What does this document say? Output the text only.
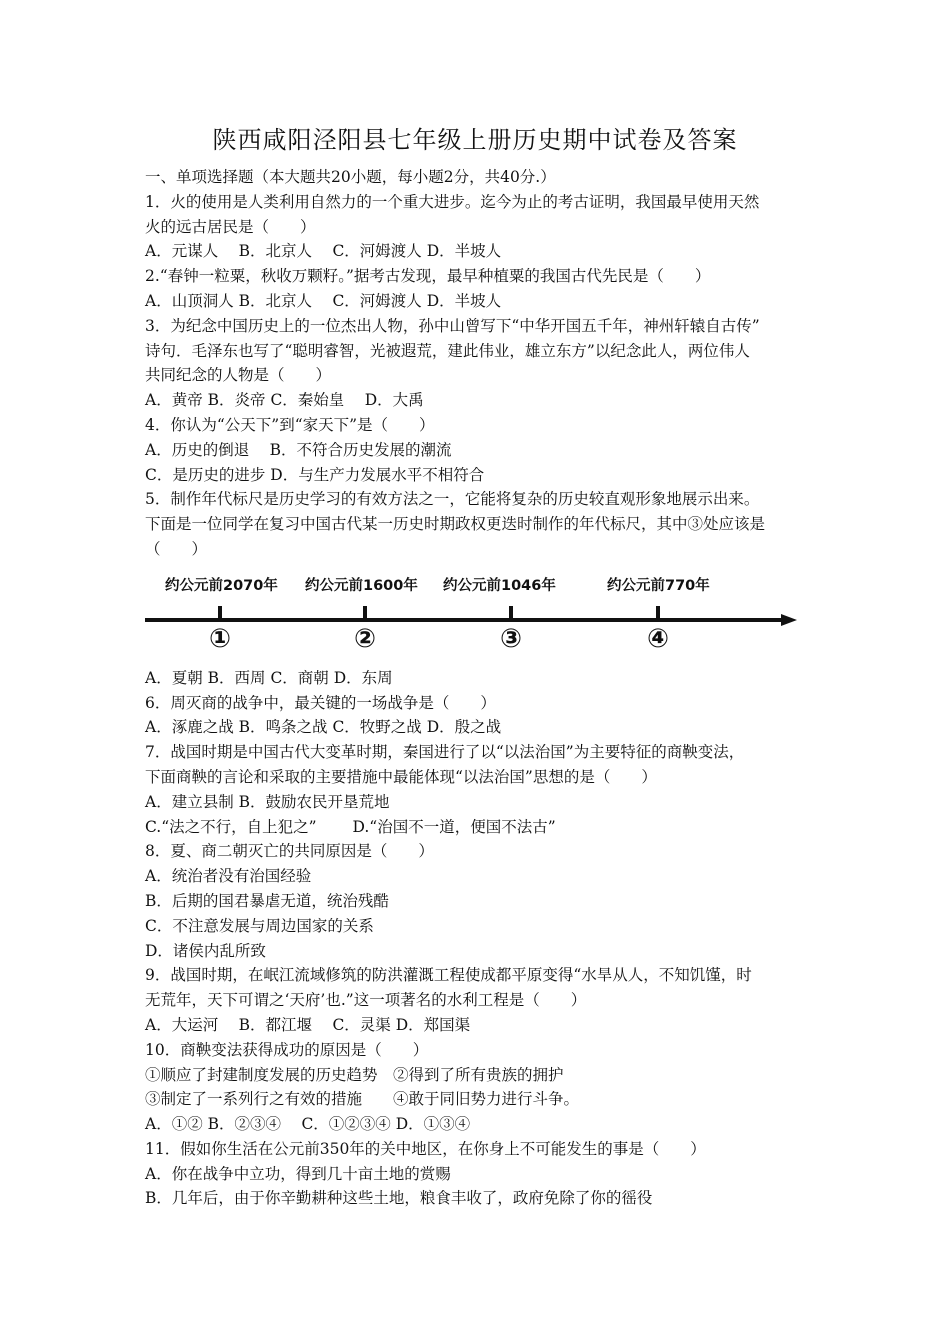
陕西咸阳泾阳县七年级上册历史期中试卷及答案
一、单项选择题（本大题共20小题，每小题2分，共40分.）
1．火的使用是人类利用自然力的一个重大进步。迄今为止的考古证明，我国最早使用天然
火的远古居民是（　　）
A．元谋人　 B．北京人　 C．河姆渡人 D．半坡人
2.“春钟一粒粟，秋收万颗籽。”据考古发现，最早种植粟的我国古代先民是（　　）
A．山顶洞人 B．北京人　 C．河姆渡人 D．半坡人
3．为纪念中国历史上的一位杰出人物，孙中山曾写下“中华开国五千年，神州轩辕自古传”
诗句．毛泽东也写了“聪明睿智，光被遐荒，建此伟业，雄立东方”以纪念此人，两位伟人
共同纪念的人物是（　　）
A．黄帝 B．炎帝 C．秦始皇　 D．大禹
4．你认为“公天下”到“家天下”是（　　）
A．历史的倒退　 B．不符合历史发展的潮流
C．是历史的进步 D．与生产力发展水平不相符合
5．制作年代标尺是历史学习的有效方法之一，它能将复杂的历史较直观形象地展示出来。
下面是一位同学在复习中国古代某一历史时期政权更迭时制作的年代标尺，其中③处应该是
（　　）
约公元前2070年 约公元前1600年 约公元前1046年	约公元前770年
①	②	③	④
A．夏朝 B．西周 C．商朝 D．东周
6．周灭商的战争中，最关键的一场战争是（　　）
A．涿鹿之战 B．鸣条之战 C．牧野之战 D．殷之战
7．战国时期是中国古代大变革时期，秦国进行了以“以法治国”为主要特征的商鞅变法，
下面商鞅的言论和采取的主要措施中最能体现“以法治国”思想的是（　　）
A．建立县制 B．鼓励农民开垦荒地
C.“法之不行，自上犯之”　　 D.“治国不一道，便国不法古”
8．夏、商二朝灭亡的共同原因是（　　）
A．统治者没有治国经验
B．后期的国君暴虐无道，统治残酷
C．不注意发展与周边国家的关系
D．诸侯内乱所致
9．战国时期，在岷江流域修筑的防洪灌溉工程使成都平原变得“水旱从人，不知饥馑，时
无荒年，天下可谓之‘天府’也.”这一项著名的水利工程是（　　）
A．大运河　 B．都江堰　 C．灵渠 D．郑国渠
10．商鞅变法获得成功的原因是（　　）
①顺应了封建制度发展的历史趋势　②得到了所有贵族的拥护
③制定了一系列行之有效的措施　　④敢于同旧势力进行斗争。
A．①② B．②③④　 C．①②③④ D．①③④
11．假如你生活在公元前350年的关中地区，在你身上不可能发生的事是（　　）
A．你在战争中立功，得到几十亩土地的赏赐
B．几年后，由于你辛勤耕种这些土地，粮食丰收了，政府免除了你的徭役
